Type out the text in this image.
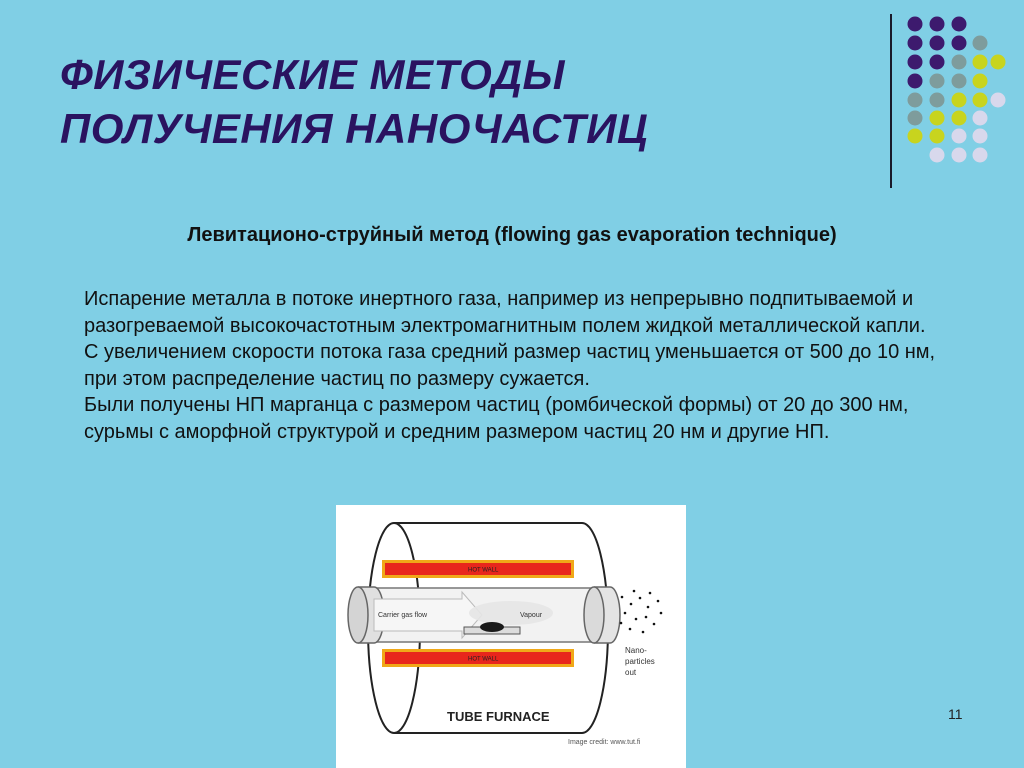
ФИЗИЧЕСКИЕ МЕТОДЫ
ПОЛУЧЕНИЯ НАНОЧАСТИЦ
Левитационо-струйный метод (flowing gas evaporation technique)

Испарение металла в потоке инертного газа, например из непрерывно подпитываемой и разогреваемой высокочастотным электромагнитным полем жидкой металлической капли. С увеличением скорости потока газа средний размер частиц уменьшается от 500 до 10 нм, при этом распределение частиц по размеру сужается.

Были получены НП марганца с размером частиц (ромбической формы) от 20 до 300 нм, сурьмы с аморфной структурой и средним размером частиц 20 нм и другие НП.

HOT WALL
HOT WALL
Carrier gas flow	Vapour
Nano- particles out
TUBE FURNACE
Image credit: www.tut.fi
11
